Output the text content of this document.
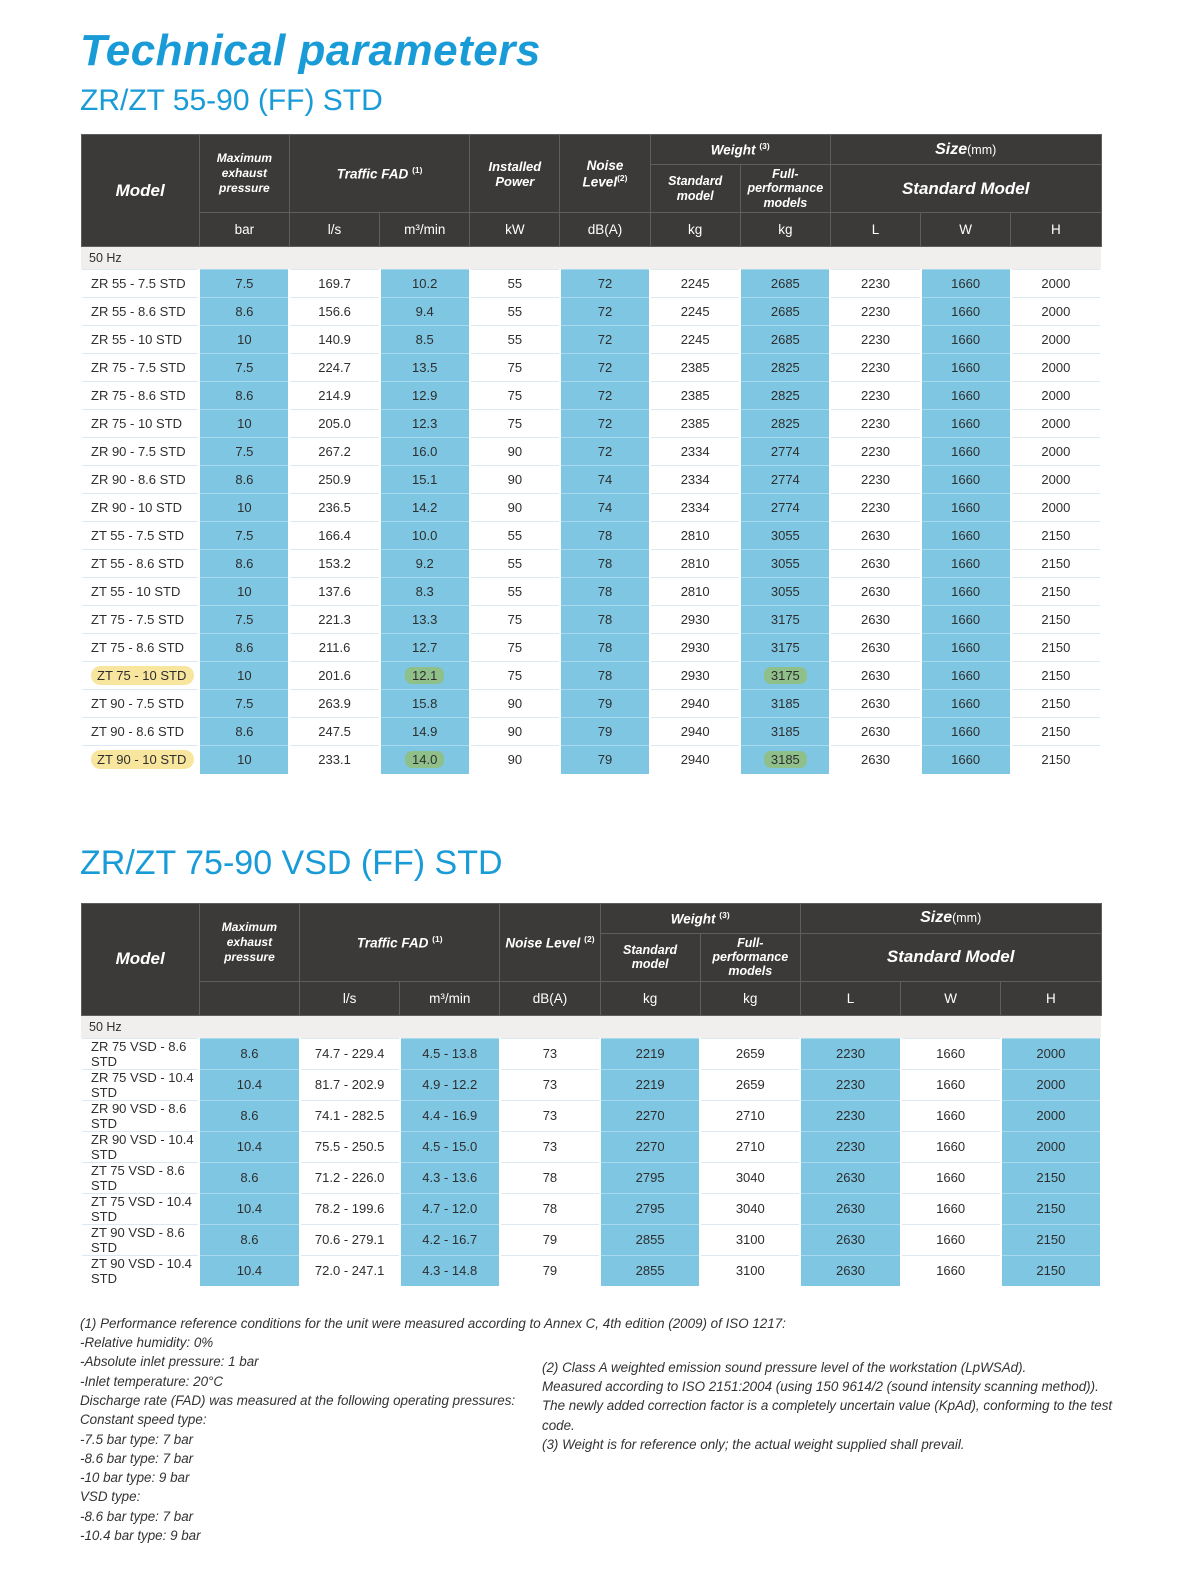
Technical parameters
ZR/ZT 55-90 (FF) STD
Model	Maximum exhaust pressure	Traffic FAD $^{(1)}$		Installed Power	Noise Level$^{(2)}$	Weight $^{(3)}$		Size(mm)		
						Standard model	Full-performance models	Standard Model		
	bar	l/s	m³/min	kW	dB(A)	kg	kg	L	W	H
50 Hz										
ZR 55 - 7.5 STD	7.5	169.7	10.2	55	72	2245	2685	2230	1660	2000
ZR 55 - 8.6 STD	8.6	156.6	9.4	55	72	2245	2685	2230	1660	2000
ZR 55 - 10 STD	10	140.9	8.5	55	72	2245	2685	2230	1660	2000
ZR 75 - 7.5 STD	7.5	224.7	13.5	75	72	2385	2825	2230	1660	2000
ZR 75 - 8.6 STD	8.6	214.9	12.9	75	72	2385	2825	2230	1660	2000
ZR 75 - 10 STD	10	205.0	12.3	75	72	2385	2825	2230	1660	2000
ZR 90 - 7.5 STD	7.5	267.2	16.0	90	72	2334	2774	2230	1660	2000
ZR 90 - 8.6 STD	8.6	250.9	15.1	90	74	2334	2774	2230	1660	2000
ZR 90 - 10 STD	10	236.5	14.2	90	74	2334	2774	2230	1660	2000
ZT 55 - 7.5 STD	7.5	166.4	10.0	55	78	2810	3055	2630	1660	2150
ZT 55 - 8.6 STD	8.6	153.2	9.2	55	78	2810	3055	2630	1660	2150
ZT 55 - 10 STD	10	137.6	8.3	55	78	2810	3055	2630	1660	2150
ZT 75 - 7.5 STD	7.5	221.3	13.3	75	78	2930	3175	2630	1660	2150
ZT 75 - 8.6 STD	8.6	211.6	12.7	75	78	2930	3175	2630	1660	2150
ZT 75 - 10 STD	10	201.6	12.1	75	78	2930	3175	2630	1660	2150
ZT 90 - 7.5 STD	7.5	263.9	15.8	90	79	2940	3185	2630	1660	2150
ZT 90 - 8.6 STD	8.6	247.5	14.9	90	79	2940	3185	2630	1660	2150
ZT 90 - 10 STD	10	233.1	14.0	90	79	2940	3185	2630	1660	2150
ZR/ZT 75-90 VSD (FF) STD
Model	Maximum exhaust pressure	Traffic FAD $^{(1)}$		Noise Level $^{(2)}$	Weight $^{(3)}$		Size(mm)		
					Standard model	Full-performance models	Standard Model		
		l/s	m³/min	dB(A)	kg	kg	L	W	H
50 Hz									
ZR 75 VSD - 8.6 STD	8.6	74.7 - 229.4	4.5 - 13.8	73	2219	2659	2230	1660	2000
ZR 75 VSD - 10.4 STD	10.4	81.7 - 202.9	4.9 - 12.2	73	2219	2659	2230	1660	2000
ZR 90 VSD - 8.6 STD	8.6	74.1 - 282.5	4.4 - 16.9	73	2270	2710	2230	1660	2000
ZR 90 VSD - 10.4 STD	10.4	75.5 - 250.5	4.5 - 15.0	73	2270	2710	2230	1660	2000
ZT 75 VSD - 8.6 STD	8.6	71.2 - 226.0	4.3 - 13.6	78	2795	3040	2630	1660	2150
ZT 75 VSD - 10.4 STD	10.4	78.2 - 199.6	4.7 - 12.0	78	2795	3040	2630	1660	2150
ZT 90 VSD - 8.6 STD	8.6	70.6 - 279.1	4.2 - 16.7	79	2855	3100	2630	1660	2150
ZT 90 VSD - 10.4 STD	10.4	72.0 - 247.1	4.3 - 14.8	79	2855	3100	2630	1660	2150
(1) Performance reference conditions for the unit were measured according to Annex C, 4th edition (2009) of ISO 1217:
-Relative humidity: 0%
-Absolute inlet pressure: 1 bar
-Inlet temperature: 20°C
Discharge rate (FAD) was measured at the following operating pressures:
Constant speed type:
-7.5 bar type: 7 bar
-8.6 bar type: 7 bar
-10 bar type: 9 bar
VSD type:
-8.6 bar type: 7 bar
-10.4 bar type: 9 bar
(2) Class A weighted emission sound pressure level of the workstation (LpWSAd).
Measured according to ISO 2151:2004 (using 150 9614/2 (sound intensity scanning method)).
The newly added correction factor is a completely uncertain value (KpAd), conforming to the test code.
(3) Weight is for reference only; the actual weight supplied shall prevail.
